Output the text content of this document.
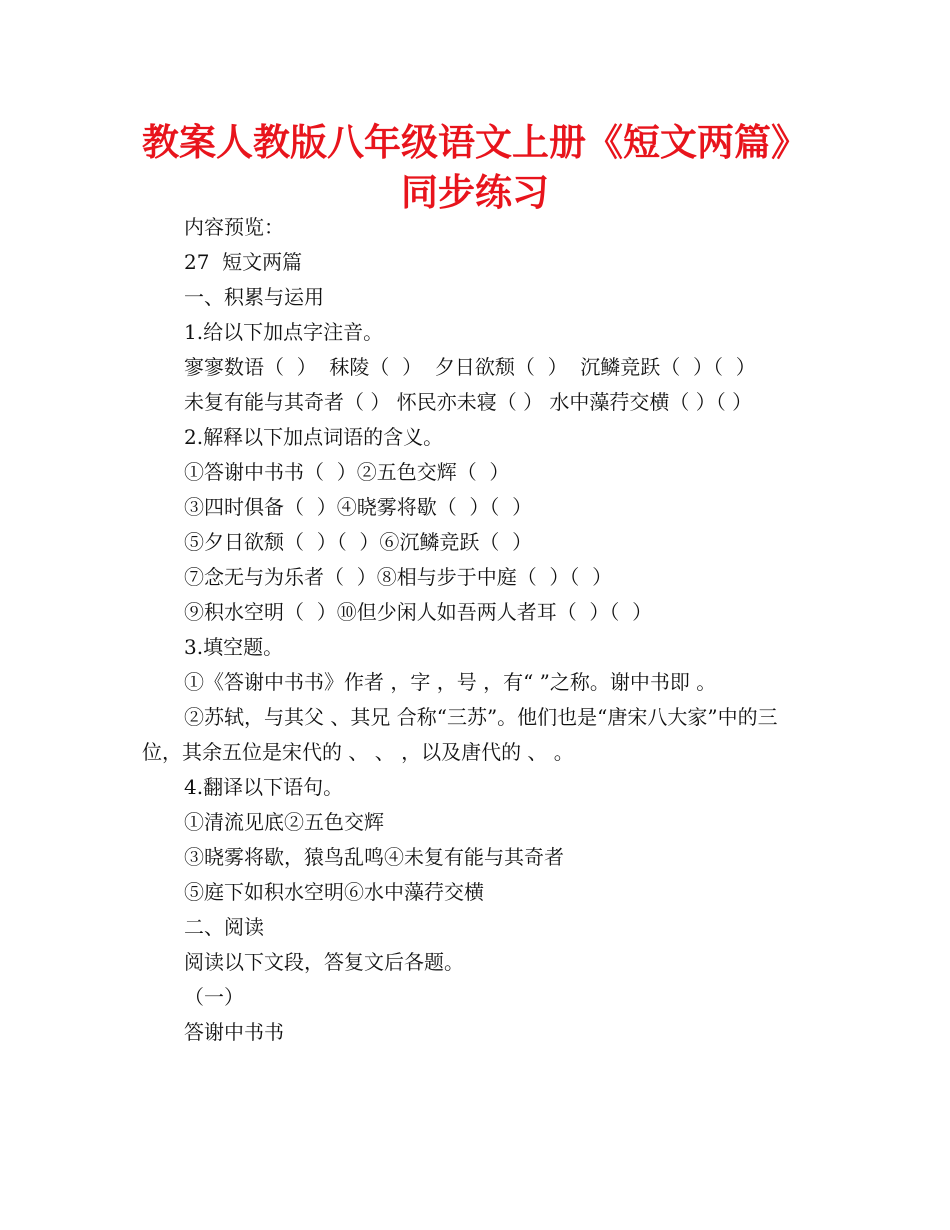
教案人教版八年级语文上册《短文两篇》
同步练习

内容预览：

27  短文两篇

一、积累与运用

1.给以下加点字注音。

寥寥数语（  ）  秣陵（  ）  夕日欲颓（  ）  沉鳞竞跃（  ）（  ）

未复有能与其奇者（ ） 怀民亦未寝（ ） 水中藻荇交横（ ）（ ）

2.解释以下加点词语的含义。

①答谢中书书（  ）②五色交辉（  ）

③四时俱备（  ）④晓雾将歇（  ）（  ）

⑤夕日欲颓（  ）（  ）⑥沉鳞竞跃（  ）

⑦念无与为乐者（  ）⑧相与步于中庭（  ）（  ）

⑨积水空明（  ）⑩但少闲人如吾两人者耳（  ）（  ）

3.填空题。

①《答谢中书书》作者 ，字 ，号 ，有“ ”之称。谢中书即 。

②苏轼，与其父 、其兄 合称“三苏”。他们也是“唐宋八大家”中的三位，其余五位是宋代的 、 、 ，以及唐代的 、 。

4.翻译以下语句。

①清流见底②五色交辉

③晓雾将歇，猿鸟乱鸣④未复有能与其奇者

⑤庭下如积水空明⑥水中藻荇交横

二、阅读

阅读以下文段，答复文后各题。

（一）

答谢中书书
